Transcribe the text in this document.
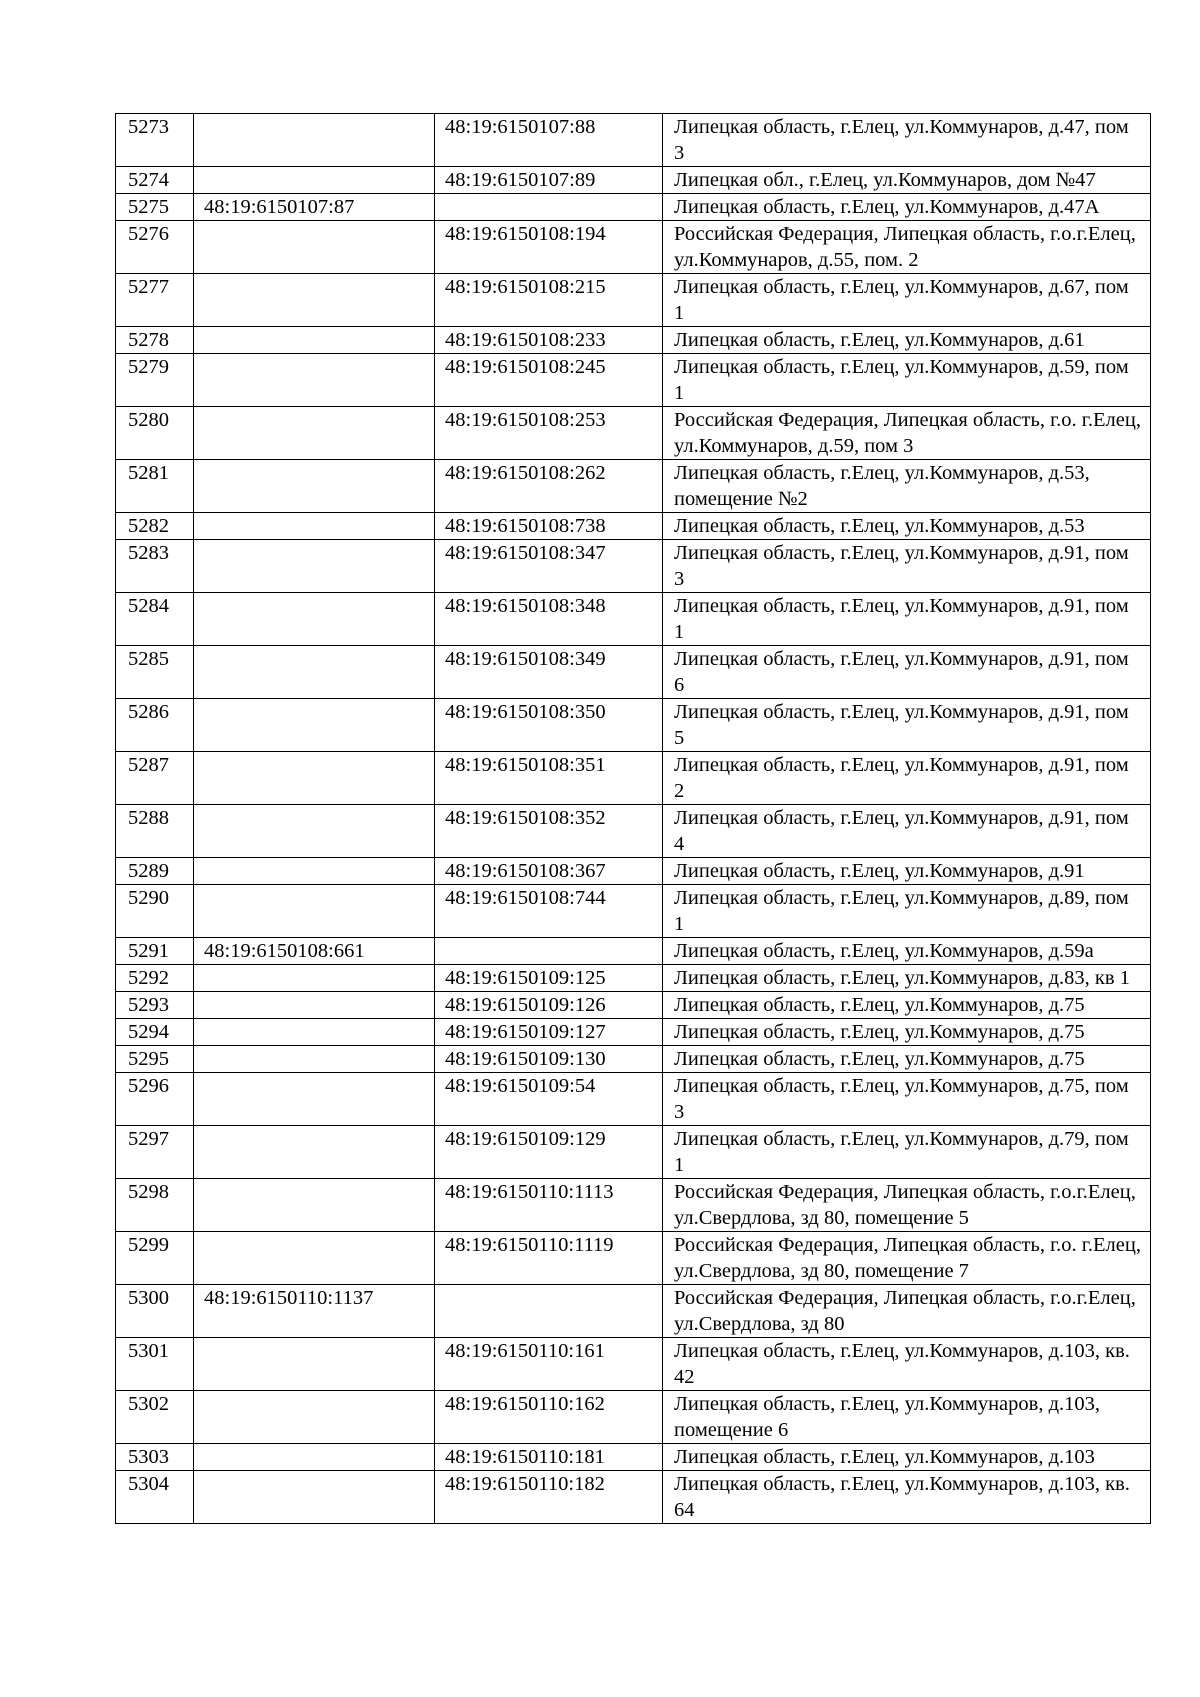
5273		48:19:6150107:88	Липецкая область, г.Елец, ул.Коммунаров, д.47, пом 3
5274		48:19:6150107:89	Липецкая обл., г.Елец, ул.Коммунаров, дом №47
5275	48:19:6150107:87		Липецкая область, г.Елец, ул.Коммунаров, д.47А
5276		48:19:6150108:194	Российская Федерация, Липецкая область, г.о.г.Елец, ул.Коммунаров, д.55, пом. 2
5277		48:19:6150108:215	Липецкая область, г.Елец, ул.Коммунаров, д.67, пом 1
5278		48:19:6150108:233	Липецкая область, г.Елец, ул.Коммунаров, д.61
5279		48:19:6150108:245	Липецкая область, г.Елец, ул.Коммунаров, д.59, пом 1
5280		48:19:6150108:253	Российская Федерация, Липецкая область, г.о. г.Елец, ул.Коммунаров, д.59, пом 3
5281		48:19:6150108:262	Липецкая область, г.Елец, ул.Коммунаров, д.53, помещение №2
5282		48:19:6150108:738	Липецкая область, г.Елец, ул.Коммунаров, д.53
5283		48:19:6150108:347	Липецкая область, г.Елец, ул.Коммунаров, д.91, пом 3
5284		48:19:6150108:348	Липецкая область, г.Елец, ул.Коммунаров, д.91, пом 1
5285		48:19:6150108:349	Липецкая область, г.Елец, ул.Коммунаров, д.91, пом 6
5286		48:19:6150108:350	Липецкая область, г.Елец, ул.Коммунаров, д.91, пом 5
5287		48:19:6150108:351	Липецкая область, г.Елец, ул.Коммунаров, д.91, пом 2
5288		48:19:6150108:352	Липецкая область, г.Елец, ул.Коммунаров, д.91, пом 4
5289		48:19:6150108:367	Липецкая область, г.Елец, ул.Коммунаров, д.91
5290		48:19:6150108:744	Липецкая область, г.Елец, ул.Коммунаров, д.89, пом 1
5291	48:19:6150108:661		Липецкая область, г.Елец, ул.Коммунаров, д.59а
5292		48:19:6150109:125	Липецкая область, г.Елец, ул.Коммунаров, д.83, кв 1
5293		48:19:6150109:126	Липецкая область, г.Елец, ул.Коммунаров, д.75
5294		48:19:6150109:127	Липецкая область, г.Елец, ул.Коммунаров, д.75
5295		48:19:6150109:130	Липецкая область, г.Елец, ул.Коммунаров, д.75
5296		48:19:6150109:54	Липецкая область, г.Елец, ул.Коммунаров, д.75, пом 3
5297		48:19:6150109:129	Липецкая область, г.Елец, ул.Коммунаров, д.79, пом 1
5298		48:19:6150110:1113	Российская Федерация, Липецкая область, г.о.г.Елец, ул.Свердлова, зд 80, помещение 5
5299		48:19:6150110:1119	Российская Федерация, Липецкая область, г.о. г.Елец, ул.Свердлова, зд 80, помещение 7
5300	48:19:6150110:1137		Российская Федерация, Липецкая область, г.о.г.Елец, ул.Свердлова, зд 80
5301		48:19:6150110:161	Липецкая область, г.Елец, ул.Коммунаров, д.103, кв. 42
5302		48:19:6150110:162	Липецкая область, г.Елец, ул.Коммунаров, д.103, помещение 6
5303		48:19:6150110:181	Липецкая область, г.Елец, ул.Коммунаров, д.103
5304		48:19:6150110:182	Липецкая область, г.Елец, ул.Коммунаров, д.103, кв. 64
